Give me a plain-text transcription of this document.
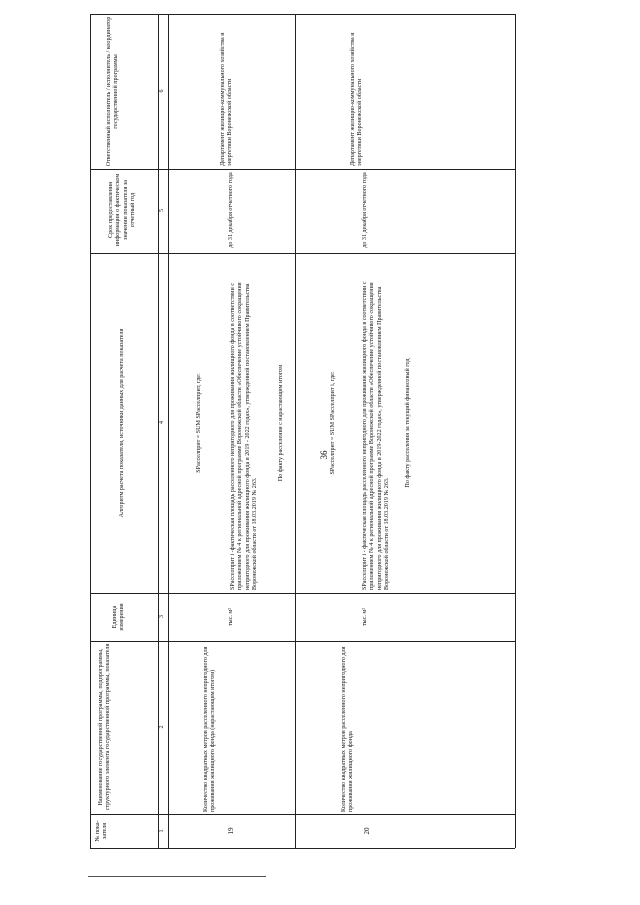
36
№ пока-зателя
Наименование государственной программы, подпрограммы, структурного элемента государственной программы, показателя
Единица измерения
Алгоритм расчета показателя, источники данных для расчета показателя
Срок предоставления информации о фактическом значении показателя за отчетный год
Ответственный исполнитель / исполнитель / координатор государственной программы
1
2
3
4
5
6
19
Количество квадратных метров расселенного непригодного для проживания жилищного фонда (нарастающим итогом)
тыс. м²
SРасселприт = SUM SРасселприт, где:	SРасселприт i -фактическая площадь расселенного непригодного для проживания жилищного фонда в соответствии с приложением № 4 к региональной адресной программе Воронежской области «Обеспечение устойчивого сокращения непригодного для проживания жилищного фонда в 2019 - 2022 годах», утвержденной постановлением Правительства Воронежской области от 18.03.2019 № 263.
По факту расселения с нарастающим итогом
до 31 декабря отчетного года
Департамент жилищно-коммунального хозяйства и энергетики Воронежской области
20
Количество квадратных метров расселенного непригодного для проживания жилищного фонда
тыс. м²
SРасселприт = SUM SРасселприт i, где:	SРасселприт i - фактическая площадь расселенного непригодного для проживания жилищного фонда в соответствии с приложением № 4 к региональной адресной программе Воронежской области «Обеспечение устойчивого сокращения непригодного для проживания жилищного фонда в 2019-2022 годах», утвержденной постановлением Правительства Воронежской области от 18.03.2019 № 263.
По факту расселения за текущий финансовый год
до 31 декабря отчетного года
Департамент жилищно-коммунального хозяйства и энергетики Воронежской области
